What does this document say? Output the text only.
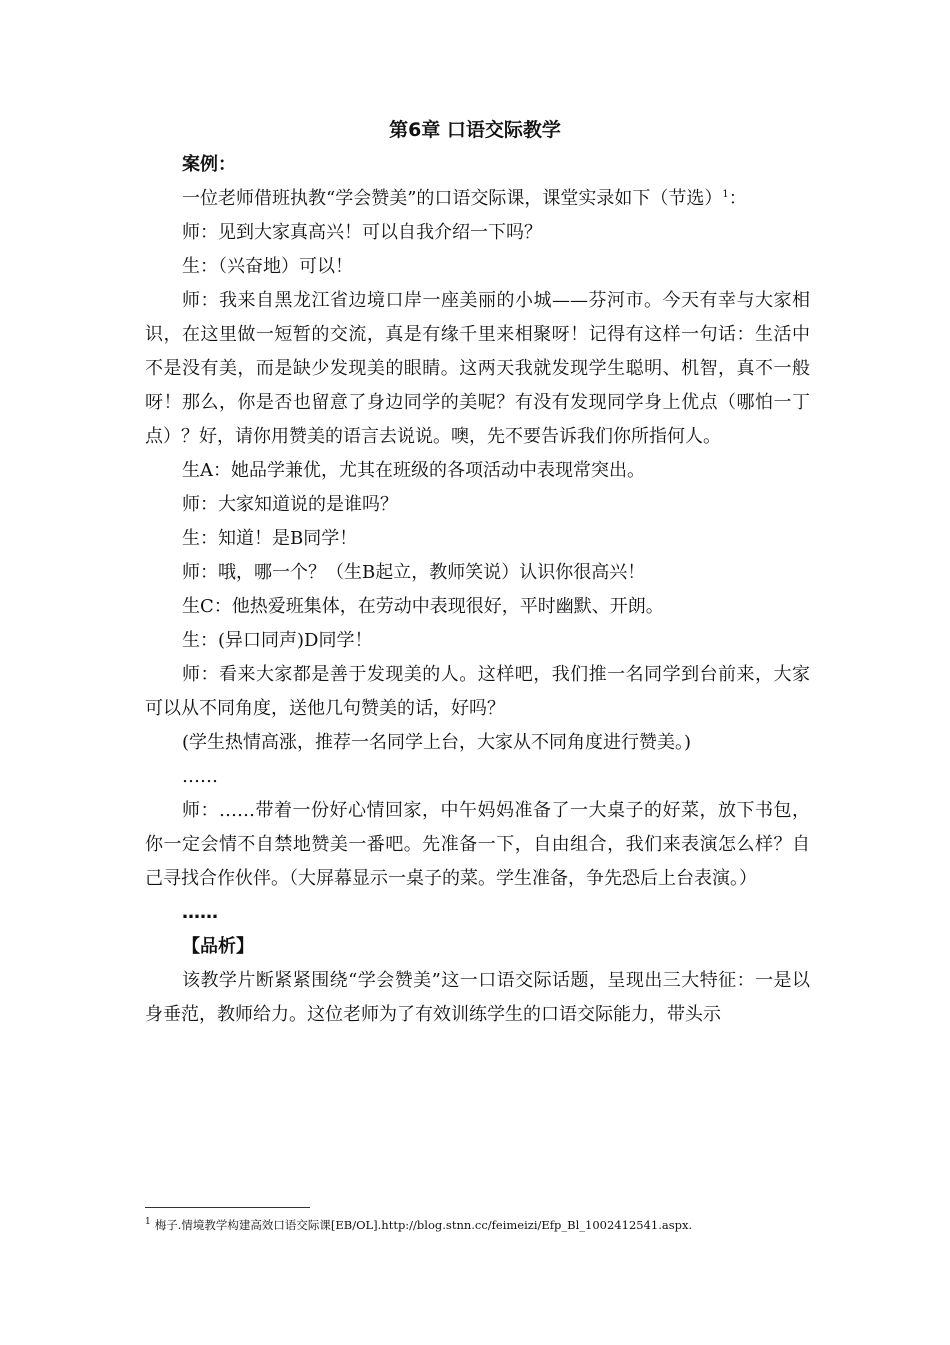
第6章 口语交际教学

案例：

一位老师借班执教“学会赞美”的口语交际课，课堂实录如下（节选）$^1$：

师：见到大家真高兴！可以自我介绍一下吗？

生：（兴奋地）可以！

师：我来自黑龙江省边境口岸一座美丽的小城——芬河市。今天有幸与大家相识，在这里做一短暂的交流，真是有缘千里来相聚呀！记得有这样一句话：生活中不是没有美，而是缺少发现美的眼睛。这两天我就发现学生聪明、机智，真不一般呀！那么，你是否也留意了身边同学的美呢？有没有发现同学身上优点（哪怕一丁点）？好，请你用赞美的语言去说说。噢，先不要告诉我们你所指何人。

生A：她品学兼优，尤其在班级的各项活动中表现常突出。

师：大家知道说的是谁吗？

生：知道！是B同学！

师：哦，哪一个？（生B起立，教师笑说）认识你很高兴！

生C：他热爱班集体，在劳动中表现很好，平时幽默、开朗。

生：(异口同声)D同学！

师：看来大家都是善于发现美的人。这样吧，我们推一名同学到台前来，大家可以从不同角度，送他几句赞美的话，好吗？

(学生热情高涨，推荐一名同学上台，大家从不同角度进行赞美。)

……

师：……带着一份好心情回家，中午妈妈准备了一大桌子的好菜，放下书包，你一定会情不自禁地赞美一番吧。先准备一下，自由组合，我们来表演怎么样？自己寻找合作伙伴。（大屏幕显示一桌子的菜。学生准备，争先恐后上台表演。）

……

【品析】

该教学片断紧紧围绕“学会赞美”这一口语交际话题，呈现出三大特征：一是以身垂范，教师给力。这位老师为了有效训练学生的口语交际能力，带头示

$^1$ 梅子.情境教学构建高效口语交际课[EB/OL].http://blog.stnn.cc/feimeizi/Efp_Bl_1002412541.aspx.
